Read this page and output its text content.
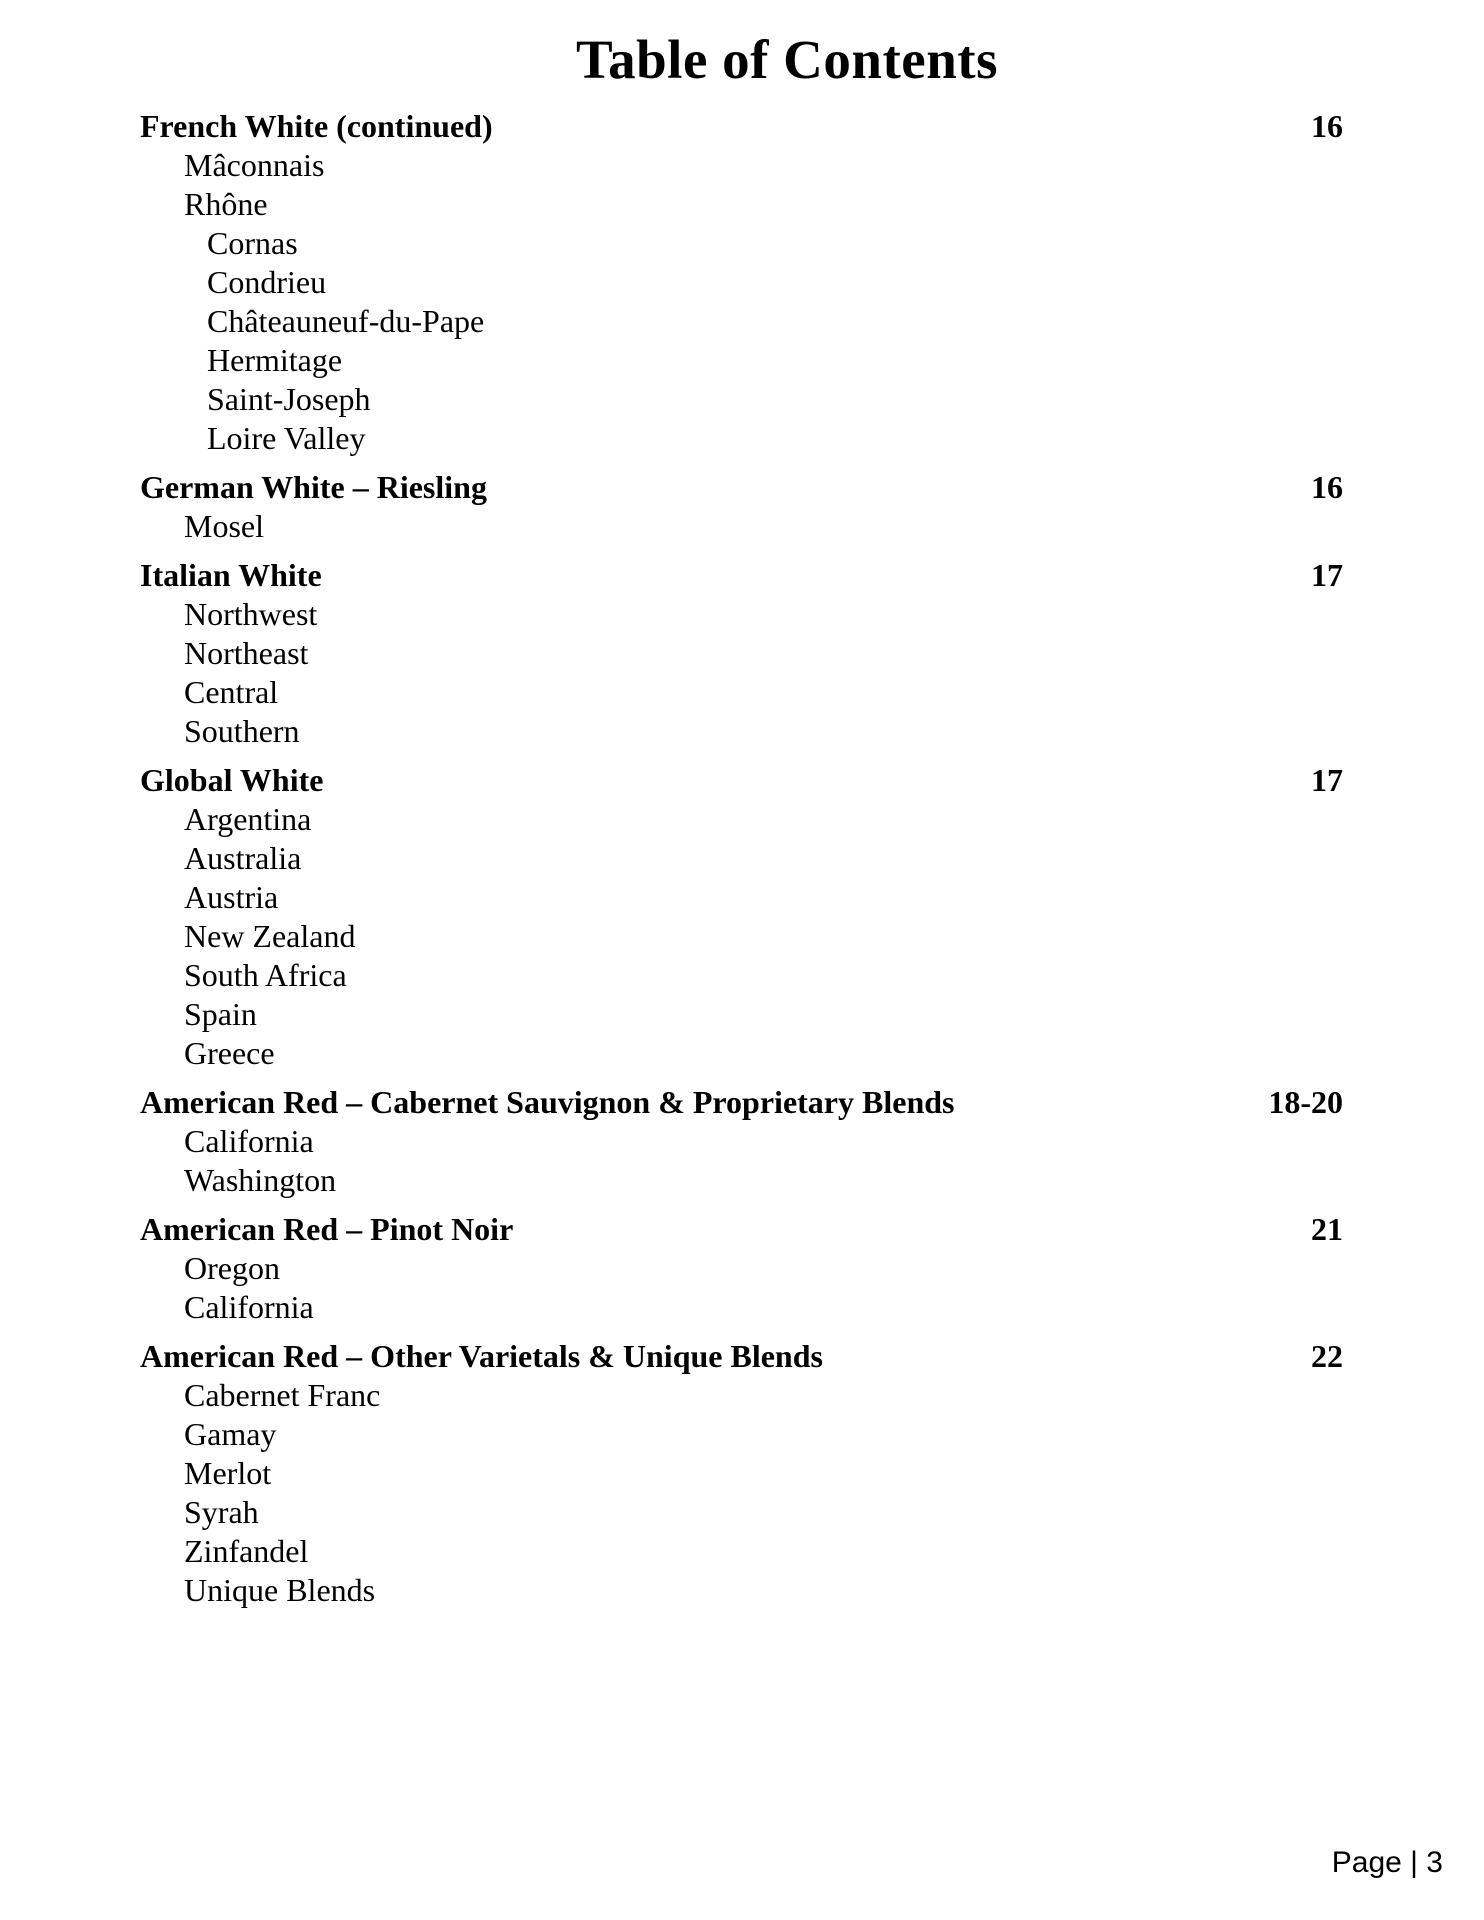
Table of Contents
French White (continued)	16
Mâconnais
Rhône
Cornas
Condrieu
Châteauneuf-du-Pape
Hermitage
Saint-Joseph
Loire Valley
German White – Riesling	16
Mosel
Italian White	17
Northwest
Northeast
Central
Southern
Global White	17
Argentina
Australia
Austria
New Zealand
South Africa
Spain
Greece
American Red – Cabernet Sauvignon & Proprietary Blends	18-20
California
Washington
American Red – Pinot Noir	21
Oregon
California
American Red – Other Varietals & Unique Blends	22
Cabernet Franc
Gamay
Merlot
Syrah
Zinfandel
Unique Blends
Page | 3
